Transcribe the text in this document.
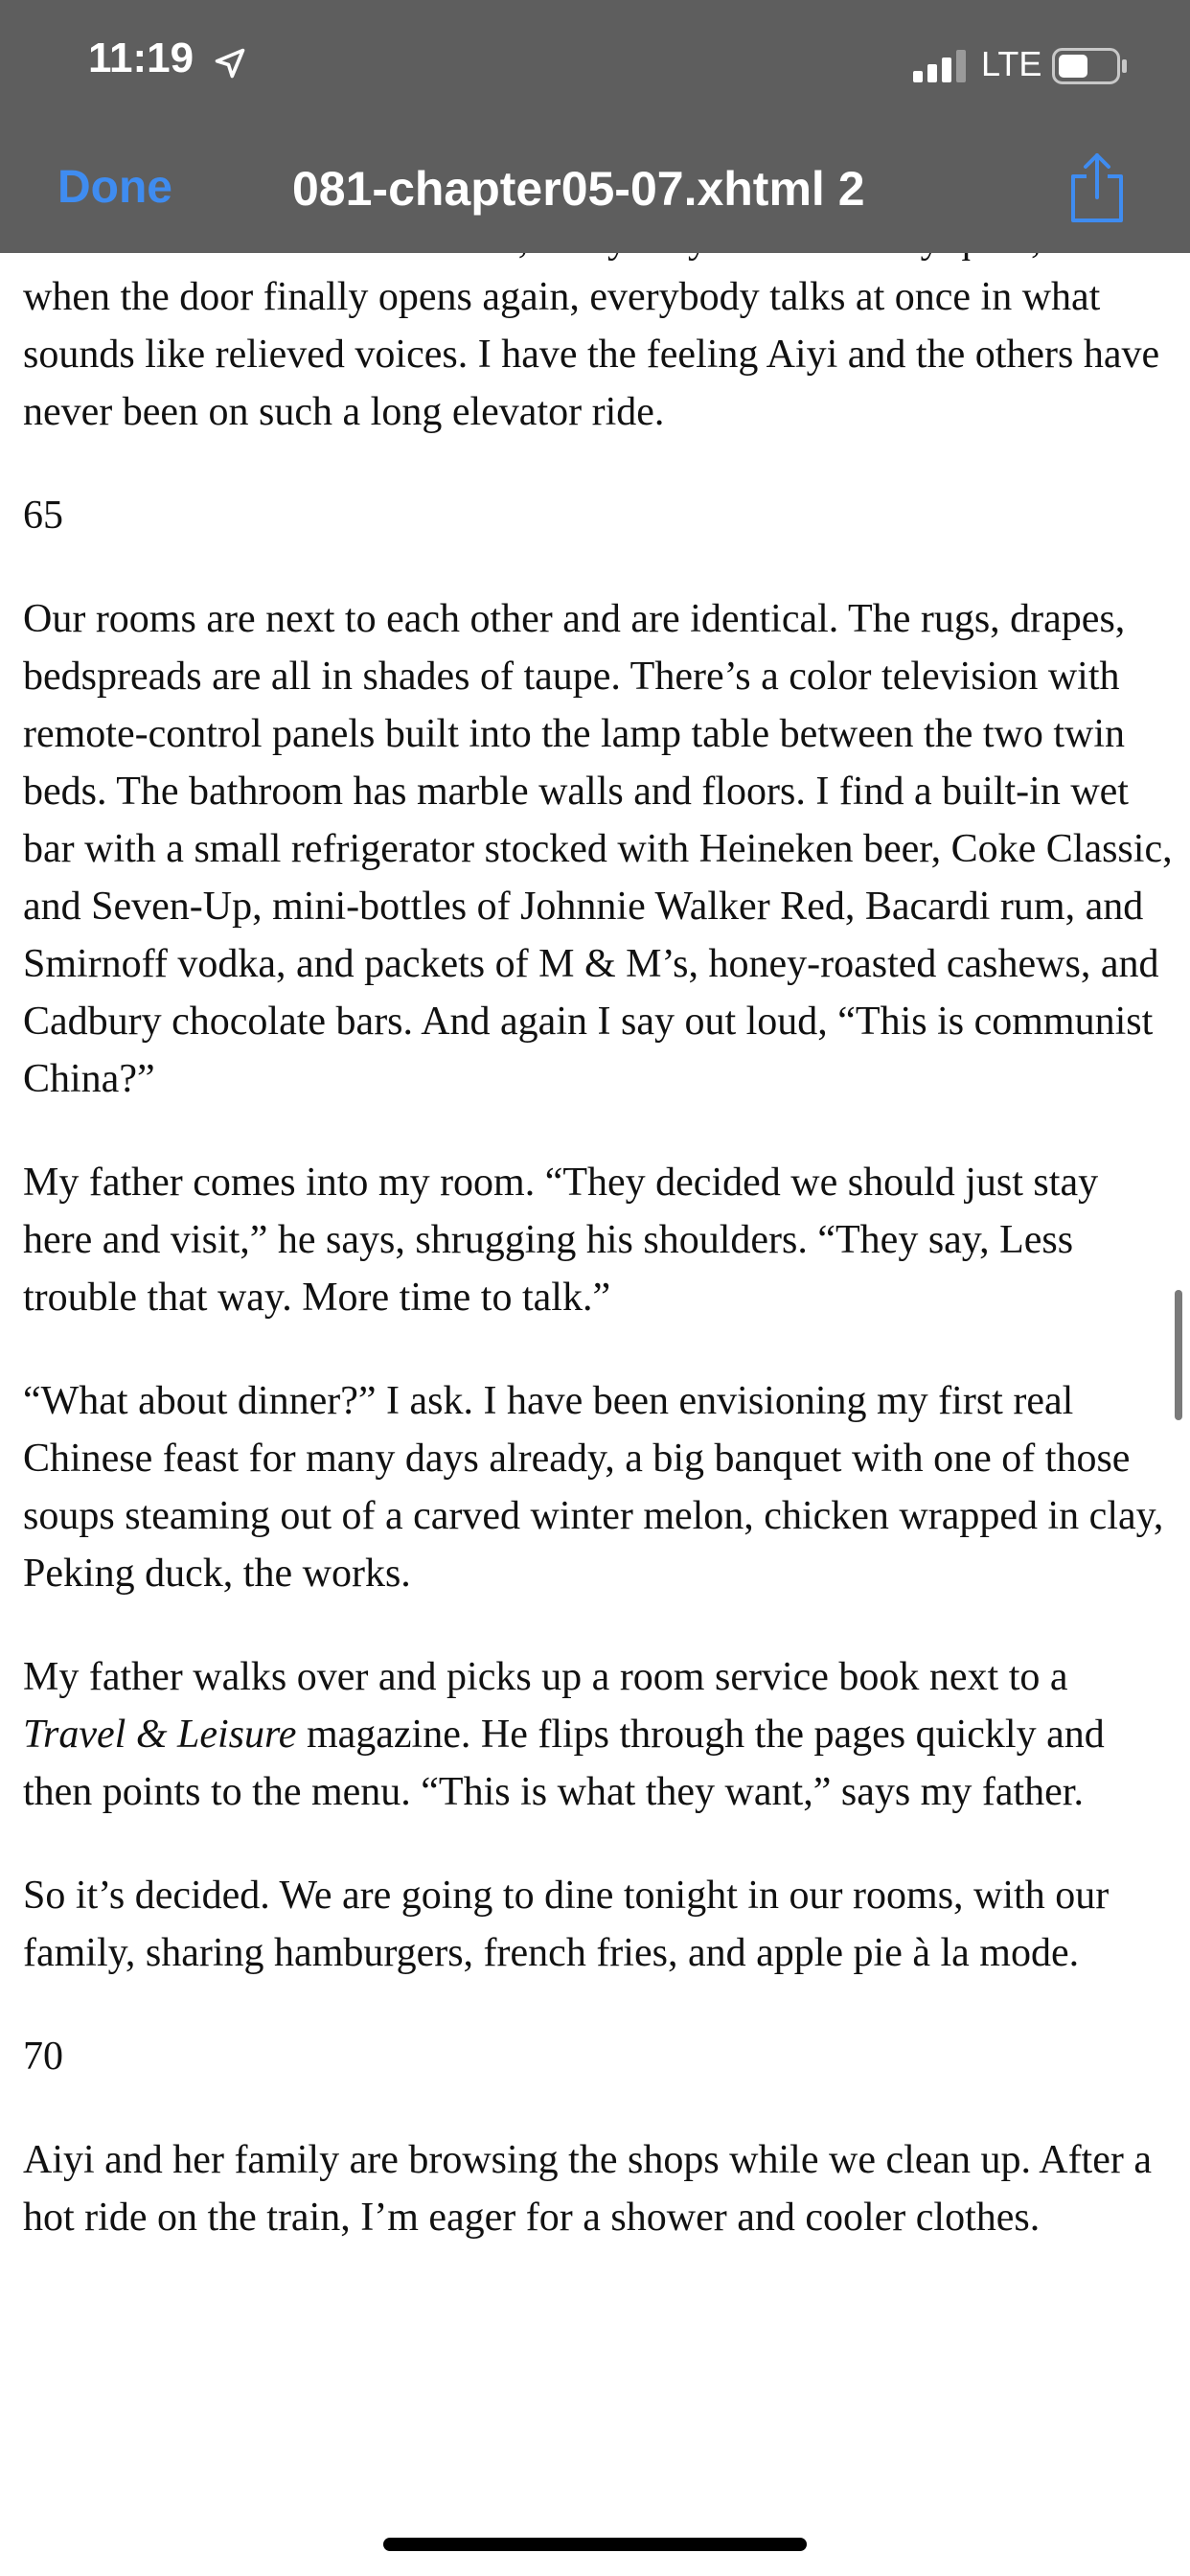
when the door finally opens again, everybody talks at once in what sounds like relieved voices. I have the feeling Aiyi and the others have never been on such a long elevator ride.

65

Our rooms are next to each other and are identical. The rugs, drapes, bedspreads are all in shades of taupe. There’s a color television with remote-control panels built into the lamp table between the two twin beds. The bathroom has marble walls and floors. I find a built-in wet bar with a small refrigerator stocked with Heineken beer, Coke Classic, and Seven-Up, mini-bottles of Johnnie Walker Red, Bacardi rum, and Smirnoff vodka, and packets of M & M’s, honey-roasted cashews, and Cadbury chocolate bars. And again I say out loud, “This is communist China?”

My father comes into my room. “They decided we should just stay here and visit,” he says, shrugging his shoulders. “They say, Less trouble that way. More time to talk.”

“What about dinner?” I ask. I have been envisioning my first real Chinese feast for many days already, a big banquet with one of those soups steaming out of a carved winter melon, chicken wrapped in clay, Peking duck, the works.

My father walks over and picks up a room service book next to a Travel & Leisure magazine. He flips through the pages quickly and then points to the menu. “This is what they want,” says my father.

So it’s decided. We are going to dine tonight in our rooms, with our family, sharing hamburgers, french fries, and apple pie à la mode.

70

Aiyi and her family are browsing the shops while we clean up. After a hot ride on the train, I’m eager for a shower and cooler clothes.

11:19	LTE
Done	081-chapter05-07.xhtml 2
